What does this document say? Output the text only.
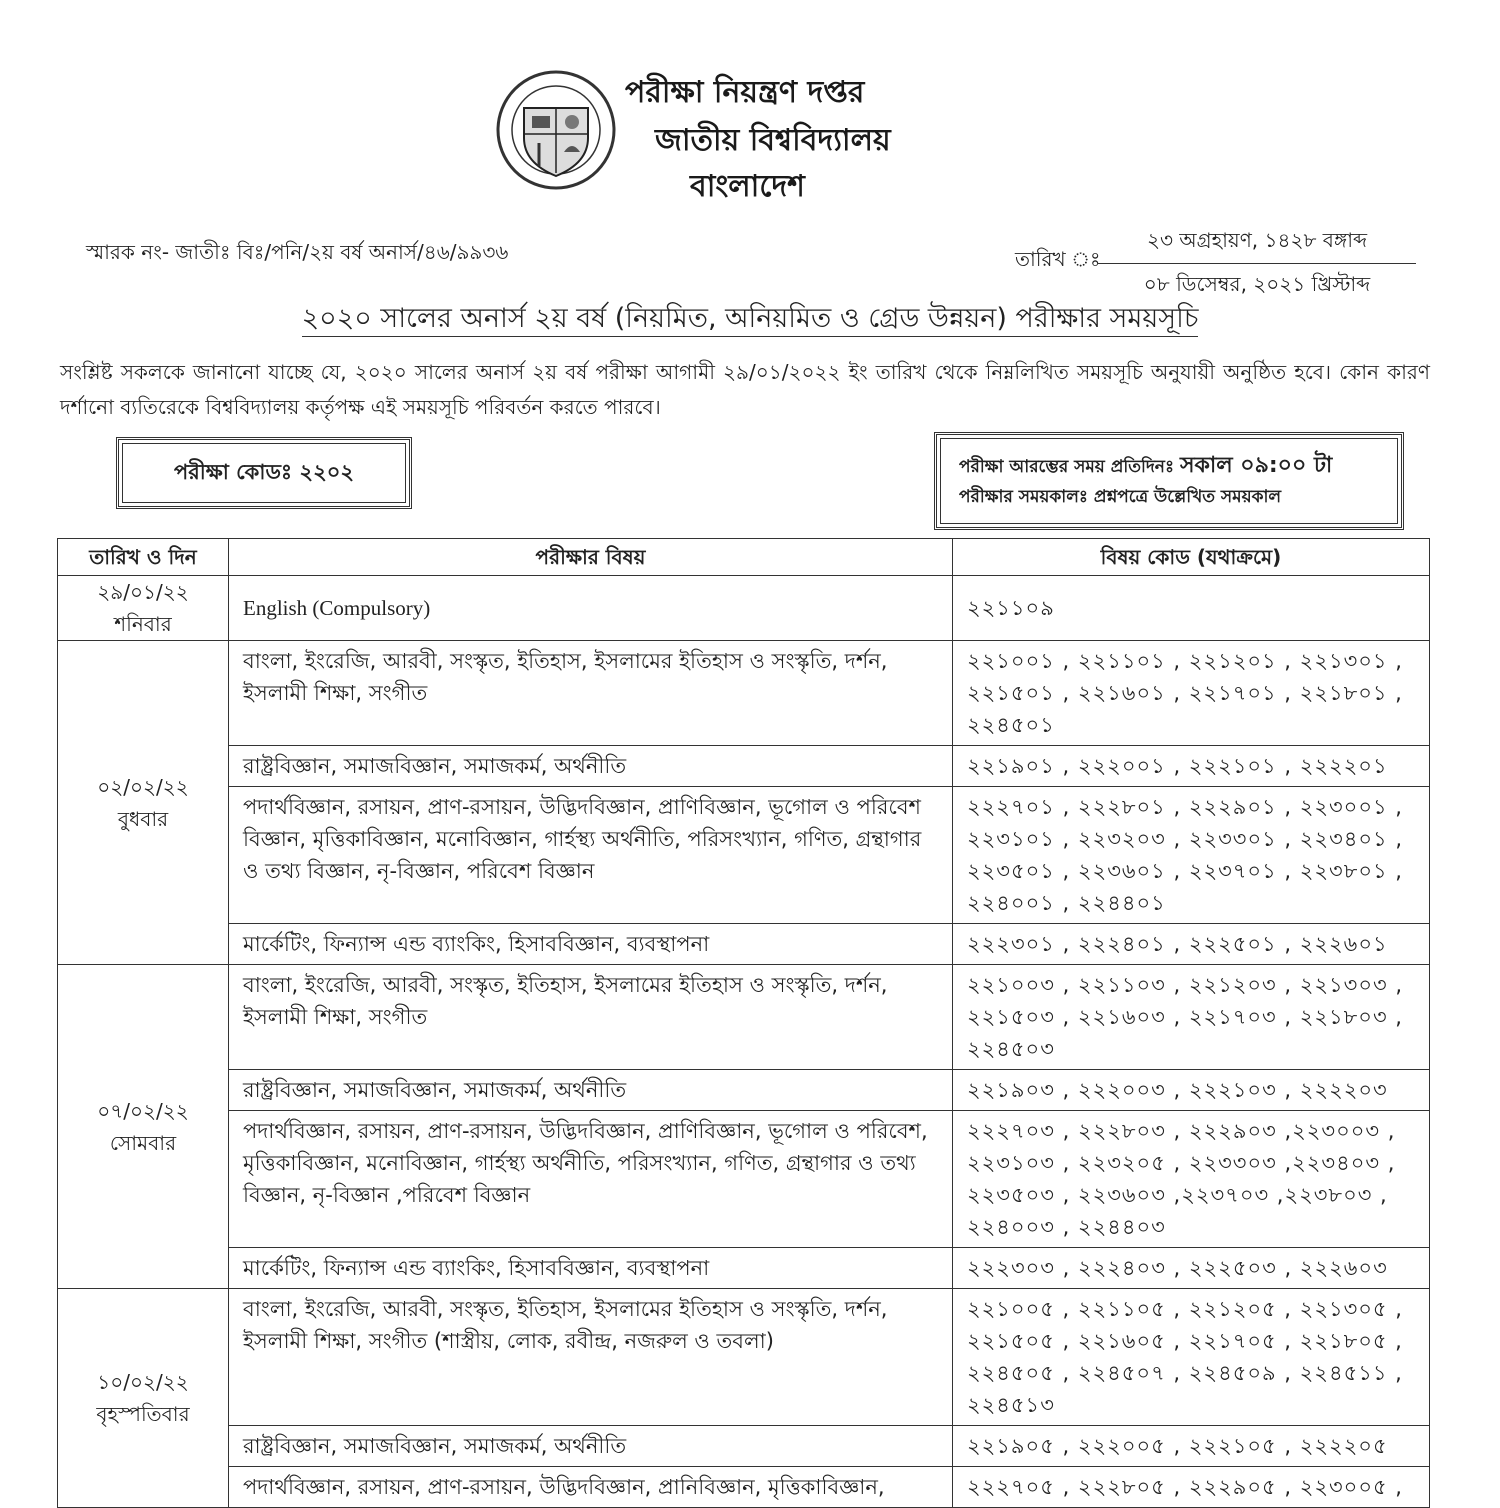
পরীক্ষা নিয়ন্ত্রণ দপ্তর
জাতীয় বিশ্ববিদ্যালয়
বাংলাদেশ
স্মারক নং- জাতীঃ বিঃ/পনি/২য় বর্ষ অনার্স/৪৬/৯৯৩৬	তারিখ ঃ
২৩ অগ্রহায়ণ, ১৪২৮ বঙ্গাব্দ
০৮ ডিসেম্বর, ২০২১ খ্রিস্টাব্দ
২০২০ সালের অনার্স ২য় বর্ষ (নিয়মিত, অনিয়মিত ও গ্রেড উন্নয়ন) পরীক্ষার সময়সূচি
সংশ্লিষ্ট সকলকে জানানো যাচ্ছে যে, ২০২০ সালের অনার্স ২য় বর্ষ পরীক্ষা আগামী ২৯/০১/২০২২ ইং তারিখ থেকে নিম্নলিখিত সময়সূচি অনুযায়ী অনুষ্ঠিত হবে। কোন কারণ দর্শানো ব্যতিরেকে বিশ্ববিদ্যালয় কর্তৃপক্ষ এই সময়সূচি পরিবর্তন করতে পারবে।
পরীক্ষা কোডঃ ২২০২	পরীক্ষা আরম্ভের সময় প্রতিদিনঃ সকাল ০৯:০০ টা
পরীক্ষার সময়কালঃ প্রশ্নপত্রে উল্লেখিত সময়কাল
তারিখ ও দিন	পরীক্ষার বিষয়	বিষয় কোড (যথাক্রমে)

২৯/০১/২২
শনিবার	English (Compulsory)	২২১১০৯

০২/০২/২২
বুধবার	বাংলা, ইংরেজি, আরবী, সংস্কৃত, ইতিহাস, ইসলামের ইতিহাস ও সংস্কৃতি, দর্শন, ইসলামী শিক্ষা, সংগীত	২২১০০১ , ২২১১০১ , ২২১২০১ , ২২১৩০১ , ২২১৫০১ , ২২১৬০১ , ২২১৭০১ , ২২১৮০১ , ২২৪৫০১
	রাষ্ট্রবিজ্ঞান, সমাজবিজ্ঞান, সমাজকর্ম, অর্থনীতি	২২১৯০১ , ২২২০০১ , ২২২১০১ , ২২২২০১
	পদার্থবিজ্ঞান, রসায়ন, প্রাণ-রসায়ন, উদ্ভিদবিজ্ঞান, প্রাণিবিজ্ঞান, ভূগোল ও পরিবেশ বিজ্ঞান, মৃত্তিকাবিজ্ঞান, মনোবিজ্ঞান, গার্হস্থ্য অর্থনীতি, পরিসংখ্যান, গণিত, গ্রন্থাগার ও তথ্য বিজ্ঞান, নৃ-বিজ্ঞান, পরিবেশ বিজ্ঞান	২২২৭০১ , ২২২৮০১ , ২২২৯০১ , ২২৩০০১ , ২২৩১০১ , ২২৩২০৩ , ২২৩৩০১ , ২২৩৪০১ , ২২৩৫০১ , ২২৩৬০১ , ২২৩৭০১ , ২২৩৮০১ , ২২৪০০১ , ২২৪৪০১
	মার্কেটিং, ফিন্যান্স এন্ড ব্যাংকিং, হিসাববিজ্ঞান, ব্যবস্থাপনা	২২২৩০১ , ২২২৪০১ , ২২২৫০১ , ২২২৬০১

০৭/০২/২২
সোমবার	বাংলা, ইংরেজি, আরবী, সংস্কৃত, ইতিহাস, ইসলামের ইতিহাস ও সংস্কৃতি, দর্শন, ইসলামী শিক্ষা, সংগীত	২২১০০৩ , ২২১১০৩ , ২২১২০৩ , ২২১৩০৩ , ২২১৫০৩ , ২২১৬০৩ , ২২১৭০৩ , ২২১৮০৩ , ২২৪৫০৩
	রাষ্ট্রবিজ্ঞান, সমাজবিজ্ঞান, সমাজকর্ম, অর্থনীতি	২২১৯০৩ , ২২২০০৩ , ২২২১০৩ , ২২২২০৩
	পদার্থবিজ্ঞান, রসায়ন, প্রাণ-রসায়ন, উদ্ভিদবিজ্ঞান, প্রাণিবিজ্ঞান, ভূগোল ও পরিবেশ, মৃত্তিকাবিজ্ঞান, মনোবিজ্ঞান, গার্হস্থ্য অর্থনীতি, পরিসংখ্যান, গণিত, গ্রন্থাগার ও তথ্য বিজ্ঞান, নৃ-বিজ্ঞান ,পরিবেশ বিজ্ঞান	২২২৭০৩ , ২২২৮০৩ , ২২২৯০৩ ,২২৩০০৩ , ২২৩১০৩ , ২২৩২০৫ , ২২৩৩০৩ ,২২৩৪০৩ , ২২৩৫০৩ , ২২৩৬০৩ ,২২৩৭০৩ ,২২৩৮০৩ , ২২৪০০৩ , ২২৪৪০৩
	মার্কেটিং, ফিন্যান্স এন্ড ব্যাংকিং, হিসাববিজ্ঞান, ব্যবস্থাপনা	২২২৩০৩ , ২২২৪০৩ , ২২২৫০৩ , ২২২৬০৩

১০/০২/২২
বৃহস্পতিবার	বাংলা, ইংরেজি, আরবী, সংস্কৃত, ইতিহাস, ইসলামের ইতিহাস ও সংস্কৃতি, দর্শন, ইসলামী শিক্ষা, সংগীত (শাস্ত্রীয়, লোক, রবীন্দ্র, নজরুল ও তবলা)	২২১০০৫ , ২২১১০৫ , ২২১২০৫ , ২২১৩০৫ , ২২১৫০৫ , ২২১৬০৫ , ২২১৭০৫ , ২২১৮০৫ , ২২৪৫০৫ , ২২৪৫০৭ , ২২৪৫০৯ , ২২৪৫১১ , ২২৪৫১৩
	রাষ্ট্রবিজ্ঞান, সমাজবিজ্ঞান, সমাজকর্ম, অর্থনীতি	২২১৯০৫ , ২২২০০৫ , ২২২১০৫ , ২২২২০৫
	পদার্থবিজ্ঞান, রসায়ন, প্রাণ-রসায়ন, উদ্ভিদবিজ্ঞান, প্রানিবিজ্ঞান, মৃত্তিকাবিজ্ঞান,	২২২৭০৫ , ২২২৮০৫ , ২২২৯০৫ , ২২৩০০৫ ,
